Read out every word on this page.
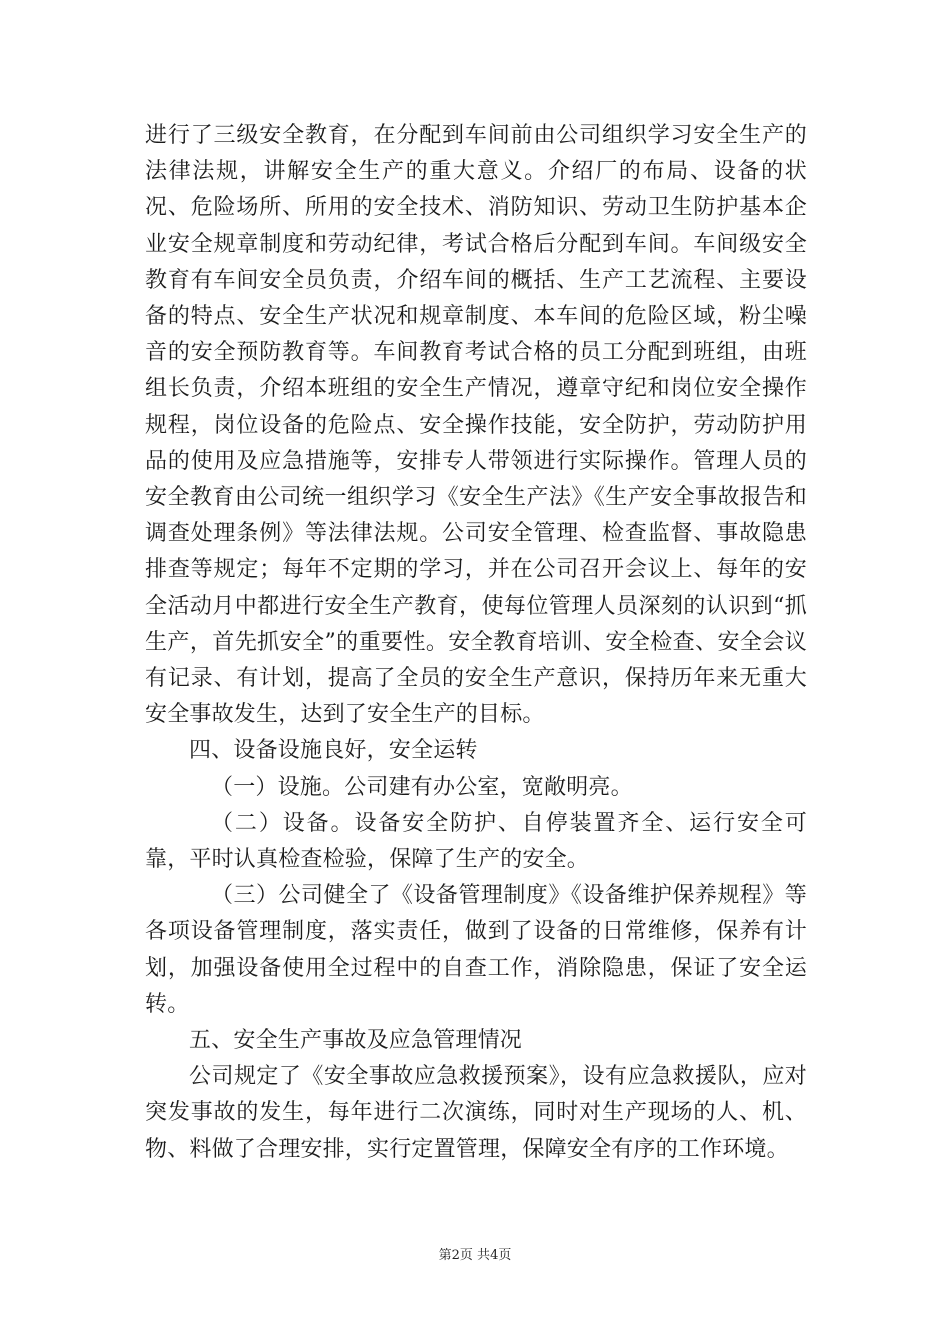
进行了三级安全教育，在分配到车间前由公司组织学习安全生产的法律法规，讲解安全生产的重大意义。介绍厂的布局、设备的状况、危险场所、所用的安全技术、消防知识、劳动卫生防护基本企业安全规章制度和劳动纪律，考试合格后分配到车间。车间级安全教育有车间安全员负责，介绍车间的概括、生产工艺流程、主要设备的特点、安全生产状况和规章制度、本车间的危险区域，粉尘噪音的安全预防教育等。车间教育考试合格的员工分配到班组，由班组长负责，介绍本班组的安全生产情况，遵章守纪和岗位安全操作规程，岗位设备的危险点、安全操作技能，安全防护，劳动防护用品的使用及应急措施等，安排专人带领进行实际操作。管理人员的安全教育由公司统一组织学习《安全生产法》《生产安全事故报告和调查处理条例》等法律法规。公司安全管理、检查监督、事故隐患排查等规定；每年不定期的学习，并在公司召开会议上、每年的安全活动月中都进行安全生产教育，使每位管理人员深刻的认识到“抓生产，首先抓安全”的重要性。安全教育培训、安全检查、安全会议有记录、有计划，提高了全员的安全生产意识，保持历年来无重大安全事故发生，达到了安全生产的目标。

四、设备设施良好，安全运转

（一）设施。公司建有办公室，宽敞明亮。

（二）设备。设备安全防护、自停装置齐全、运行安全可靠，平时认真检查检验，保障了生产的安全。

（三）公司健全了《设备管理制度》《设备维护保养规程》等各项设备管理制度，落实责任，做到了设备的日常维修，保养有计划，加强设备使用全过程中的自查工作，消除隐患，保证了安全运转。

五、安全生产事故及应急管理情况

公司规定了《安全事故应急救援预案》，设有应急救援队，应对突发事故的发生，每年进行二次演练，同时对生产现场的人、机、物、料做了合理安排，实行定置管理，保障安全有序的工作环境。

第2页 共4页
